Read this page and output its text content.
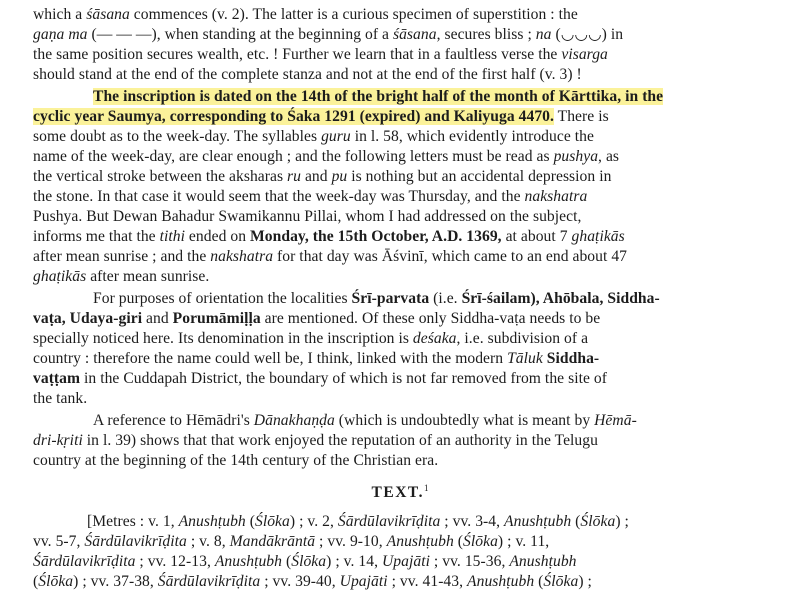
which a śāsana commences (v. 2). The latter is a curious specimen of superstition : the
gaṇa ma (— — —), when standing at the beginning of a śāsana, secures bliss ; na (◡◡◡) in
the same position secures wealth, etc. ! Further we learn that in a faultless verse the visarga
should stand at the end of the complete stanza and not at the end of the first half (v. 3) !
The inscription is dated on the 14th of the bright half of the month of Kārttika, in the
cyclic year Saumya, corresponding to Śaka 1291 (expired) and Kaliyuga 4470. There is
some doubt as to the week-day. The syllables guru in l. 58, which evidently introduce the
name of the week-day, are clear enough ; and the following letters must be read as pushya, as
the vertical stroke between the aksharas ru and pu is nothing but an accidental depression in
the stone. In that case it would seem that the week-day was Thursday, and the nakshatra
Pushya. But Dewan Bahadur Swamikannu Pillai, whom I had addressed on the subject,
informs me that the tithi ended on Monday, the 15th October, A.D. 1369, at about 7 ghaṭikās
after mean sunrise ; and the nakshatra for that day was Āśvinī, which came to an end about 47
ghaṭikās after mean sunrise.
For purposes of orientation the localities Śrī-parvata (i.e. Śrī-śailam), Ahōbala, Siddha-
vaṭa, Udaya-giri and Porumāmiḷḷa are mentioned. Of these only Siddha-vaṭa needs to be
specially noticed here. Its denomination in the inscription is deśaka, i.e. subdivision of a
country : therefore the name could well be, I think, linked with the modern Tāluk Siddha-
vaṭṭam in the Cuddapah District, the boundary of which is not far removed from the site of
the tank.
A reference to Hēmādri's Dānakhaṇḍa (which is undoubtedly what is meant by Hēmā-
dri-kṛiti in l. 39) shows that that work enjoyed the reputation of an authority in the Telugu
country at the beginning of the 14th century of the Christian era.
TEXT.$^1$
[Metres : v. 1, Anushṭubh (Ślōka) ; v. 2, Śārdūlavikrīḍita ; vv. 3-4, Anushṭubh (Ślōka) ;
vv. 5-7, Śārdūlavikrīḍita ; v. 8, Mandākrāntā ; vv. 9-10, Anushṭubh (Ślōka) ; v. 11,
Śārdūlavikrīḍita ; vv. 12-13, Anushṭubh (Ślōka) ; v. 14, Upajāti ; vv. 15-36, Anushṭubh
(Ślōka) ; vv. 37-38, Śārdūlavikrīḍita ; vv. 39-40, Upajāti ; vv. 41-43, Anushṭubh (Ślōka) ;
